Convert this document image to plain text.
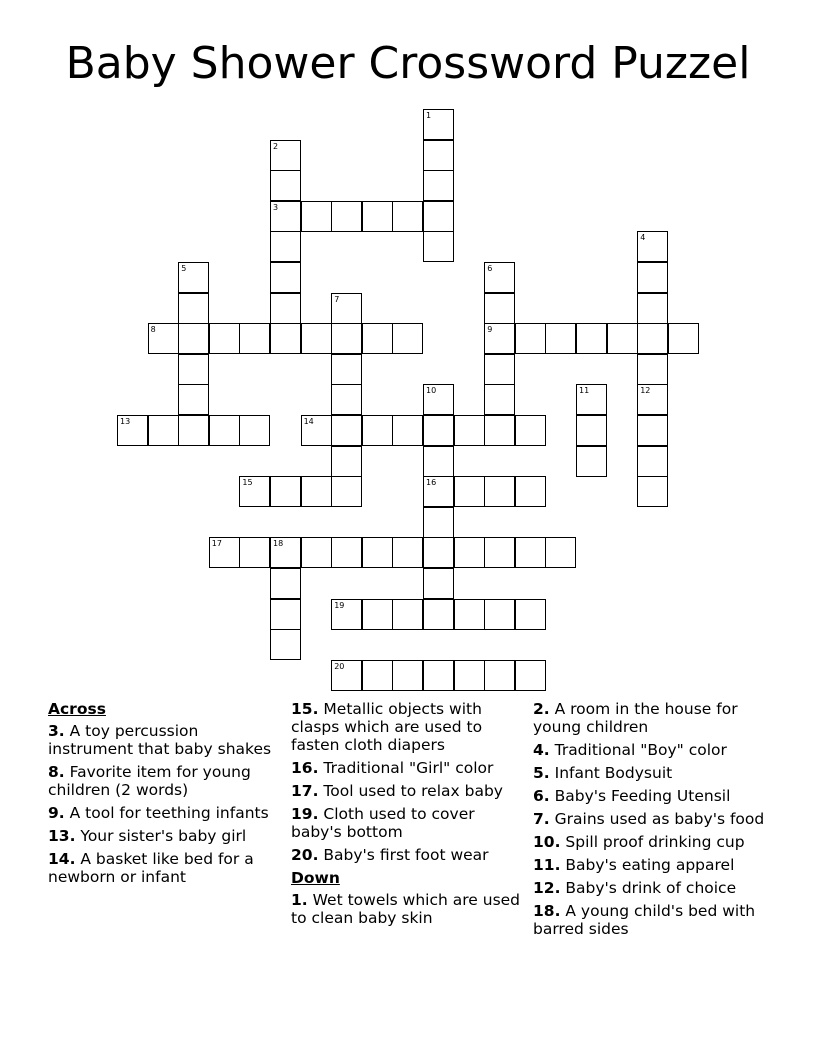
Baby Shower Crossword Puzzel
1
2
3
4
12
5	6
9
7
8
10
16
11
13	14
15
17	18
19
20
Across
3. A toy percussion instrument that baby shakes
8. Favorite item for young children (2 words)
9. A tool for teething infants
13. Your sister's baby girl
14. A basket like bed for a newborn or infant
15. Metallic objects with clasps which are used to fasten cloth diapers
16. Traditional "Girl" color
17. Tool used to relax baby
19. Cloth used to cover baby's bottom
20. Baby's first foot wear
Down
1. Wet towels which are used to clean baby skin
2. A room in the house for young children
4. Traditional "Boy" color
5. Infant Bodysuit
6. Baby's Feeding Utensil
7. Grains used as baby's food
10. Spill proof drinking cup
11. Baby's eating apparel
12. Baby's drink of choice
18. A young child's bed with barred sides
